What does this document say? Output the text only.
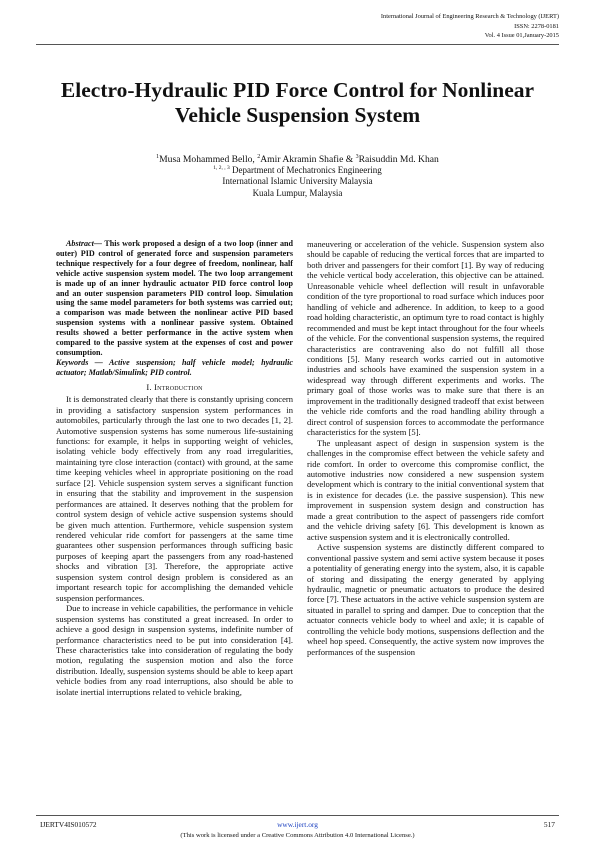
International Journal of Engineering Research & Technology (IJERT)
ISSN: 2278-0181
Vol. 4 Issue 01,January-2015
Electro-Hydraulic PID Force Control for Nonlinear Vehicle Suspension System
$^1$Musa Mohammed Bello, $^2$Amir Akramin Shafie & $^3$Raisuddin Md. Khan
$^{1, 2, , 3}$ Department of Mechatronics Engineering
International Islamic University Malaysia
Kuala Lumpur, Malaysia

Abstract— This work proposed a design of a two loop (inner and outer) PID control of generated force and suspension parameters technique respectively for a four degree of freedom, nonlinear, half vehicle active suspension system model. The two loop arrangement is made up of an inner hydraulic actuator PID force control loop and an outer suspension parameters PID control loop. Simulation using the same model parameters for both systems was carried out; a comparison was made between the nonlinear active PID based suspension systems with a nonlinear passive system. Obtained results showed a better performance in the active system when compared to the passive system at the expenses of cost and power consumption.

Keywords — Active suspension; half vehicle model; hydraulic actuator; Matlab/Simulink; PID control.

I. Introduction

It is demonstrated clearly that there is constantly uprising concern in providing a satisfactory suspension system performances in automobiles, particularly through the last one to two decades [1, 2]. Automotive suspension systems has some numerous life-sustaining functions: for example, it helps in supporting weight of vehicles, isolating vehicle body effectively from any road irregularities, maintaining tyre close interaction (contact) with ground, at the same time keeping vehicles wheel in appropriate positioning on the road surface [2]. Vehicle suspension system serves a significant function in ensuring that the stability and improvement in the suspension performances are attained. It deserves nothing that the problem for control system design of vehicle active suspension systems should be given much attention. Furthermore, vehicle suspension system rendered vehicular ride comfort for passengers at the same time guarantees other suspension performances through sufficing basic purposes of keeping apart the passengers from any road-hastened shocks and vibration [3]. Therefore, the appropriate active suspension system control design problem is considered as an important research topic for accomplishing the demanded vehicle suspension performances.

Due to increase in vehicle capabilities, the performance in vehicle suspension systems has constituted a great increased. In order to achieve a good design in suspension systems, indefinite number of performance characteristics need to be put into consideration [4]. These characteristics take into consideration of regulating the body motion, regulating the suspension motion and also the force distribution. Ideally, suspension systems should be able to keep apart vehicle bodies from any road interruptions, also should be able to isolate inertial interruptions related to vehicle braking,

maneuvering or acceleration of the vehicle. Suspension system also should be capable of reducing the vertical forces that are imparted to both driver and passengers for their comfort [1]. By way of reducing the vehicle vertical body acceleration, this objective can be attained. Unreasonable vehicle wheel deflection will result in unfavorable condition of the tyre proportional to road surface which induces poor handling of vehicle and adherence. In addition, to keep to a good road holding characteristic, an optimum tyre to road contact is highly recommended and must be kept intact throughout for the four wheels of the vehicle. For the conventional suspension systems, the required characteristics are contravening also do not fulfill all those conditions [5]. Many research works carried out in automotive industries and schools have examined the suspension system in a widespread way through different experiments and works. The primary goal of those works was to make sure that there is an improvement in the traditionally designed tradeoff that exist between the vehicle ride comforts and the road handling ability through a direct control of suspension forces to accommodate the performance characteristics for the system [5].

The unpleasant aspect of design in suspension system is the challenges in the compromise effect between the vehicle safety and ride comfort. In order to overcome this compromise conflict, the automotive industries now considered a new suspension system development which is contrary to the initial conventional system that is in existence for decades (i.e. the passive suspension). This new improvement in suspension system design and construction has made a great contribution to the aspect of passengers ride comfort and the vehicle driving safety [6]. This development is known as active suspension system and it is electronically controlled.

Active suspension systems are distinctly different compared to conventional passive system and semi active system because it poses a potentiality of generating energy into the system, also, it is capable of storing and dissipating the energy generated by applying hydraulic, magnetic or pneumatic actuators to produce the desired force [7]. These actuators in the active vehicle suspension system are situated in parallel to spring and damper. Due to conception that the actuator connects vehicle body to wheel and axle; it is capable of controlling the vehicle body motions, suspensions deflection and the wheel hop speed. Consequently, the active system now improves the performances of the suspension

IJERTV4IS010572	www.ijert.org	517
(This work is licensed under a Creative Commons Attribution 4.0 International License.)
